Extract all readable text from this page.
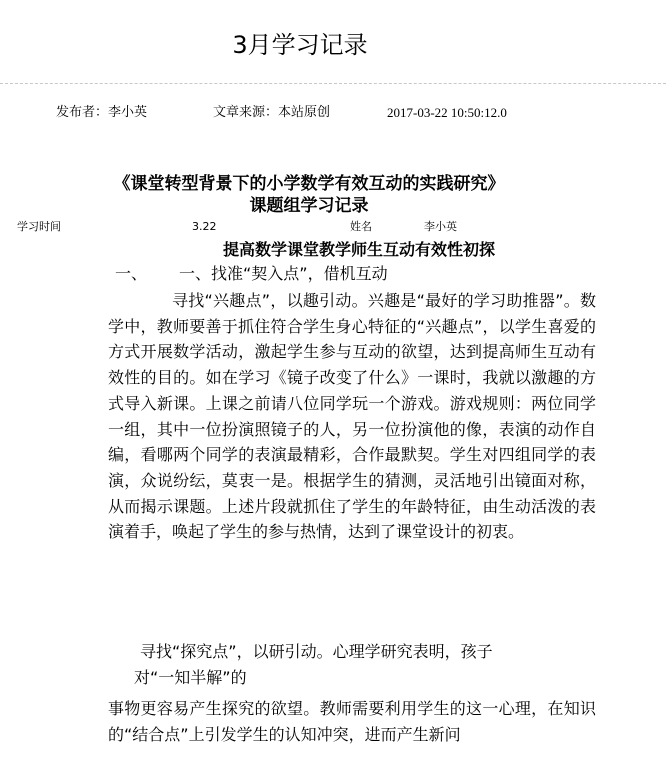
3月学习记录
发布者：李小英	文章来源：本站原创	2017-03-22 10:50:12.0
《课堂转型背景下的小学数学有效互动的实践研究》
课题组学习记录
学习时间	3.22	姓名	李小英
提高数学课堂教学师生互动有效性初探
一、 一、找准“契入点”，借机互动

寻找“兴趣点”，以趣引动。兴趣是“最好的学习助推器”。数学中，教师要善于抓住符合学生身心特征的“兴趣点”，以学生喜爱的方式开展数学活动，激起学生参与互动的欲望，达到提高师生互动有效性的目的。如在学习《镜子改变了什么》一课时，我就以激趣的方式导入新课。上课之前请八位同学玩一个游戏。游戏规则：两位同学一组，其中一位扮演照镜子的人，另一位扮演他的像，表演的动作自编，看哪两个同学的表演最精彩，合作最默契。学生对四组同学的表演，众说纷纭，莫衷一是。根据学生的猜测，灵活地引出镜面对称，从而揭示课题。上述片段就抓住了学生的年龄特征，由生动活泼的表演着手，唤起了学生的参与热情，达到了课堂设计的初衷。

寻找“探究点”，以研引动。心理学研究表明，孩子
对“一知半解”的

事物更容易产生探究的欲望。教师需要利用学生的这一心理，在知识的“结合点”上引发学生的认知冲突，进而产生新问
